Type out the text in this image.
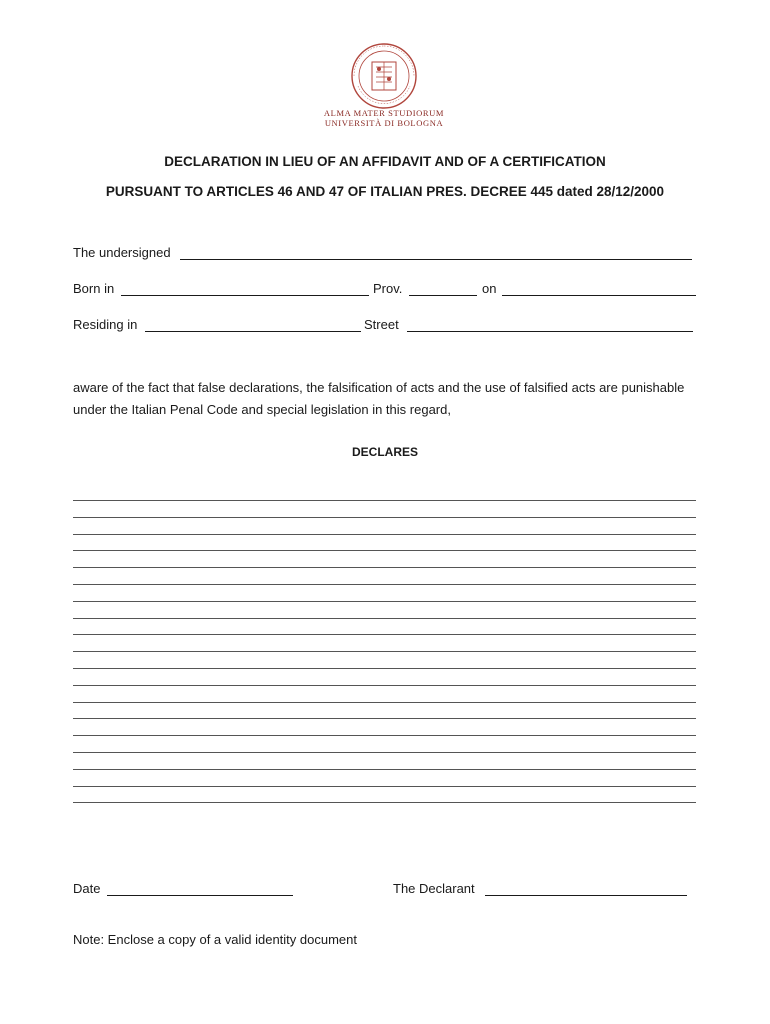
ALMA MATER STUDIORUM
UNIVERSITÀ DI BOLOGNA
DECLARATION IN LIEU OF AN AFFIDAVIT AND OF A CERTIFICATION
PURSUANT TO ARTICLES 46 AND 47 OF ITALIAN PRES. DECREE 445 dated 28/12/2000
The undersigned
Born in	Prov.	on
Residing in	Street
aware of the fact that false declarations, the falsification of acts and the use of falsified acts are punishable under the Italian Penal Code and special legislation in this regard,
DECLARES
Date	The Declarant
Note: Enclose a copy of a valid identity document
